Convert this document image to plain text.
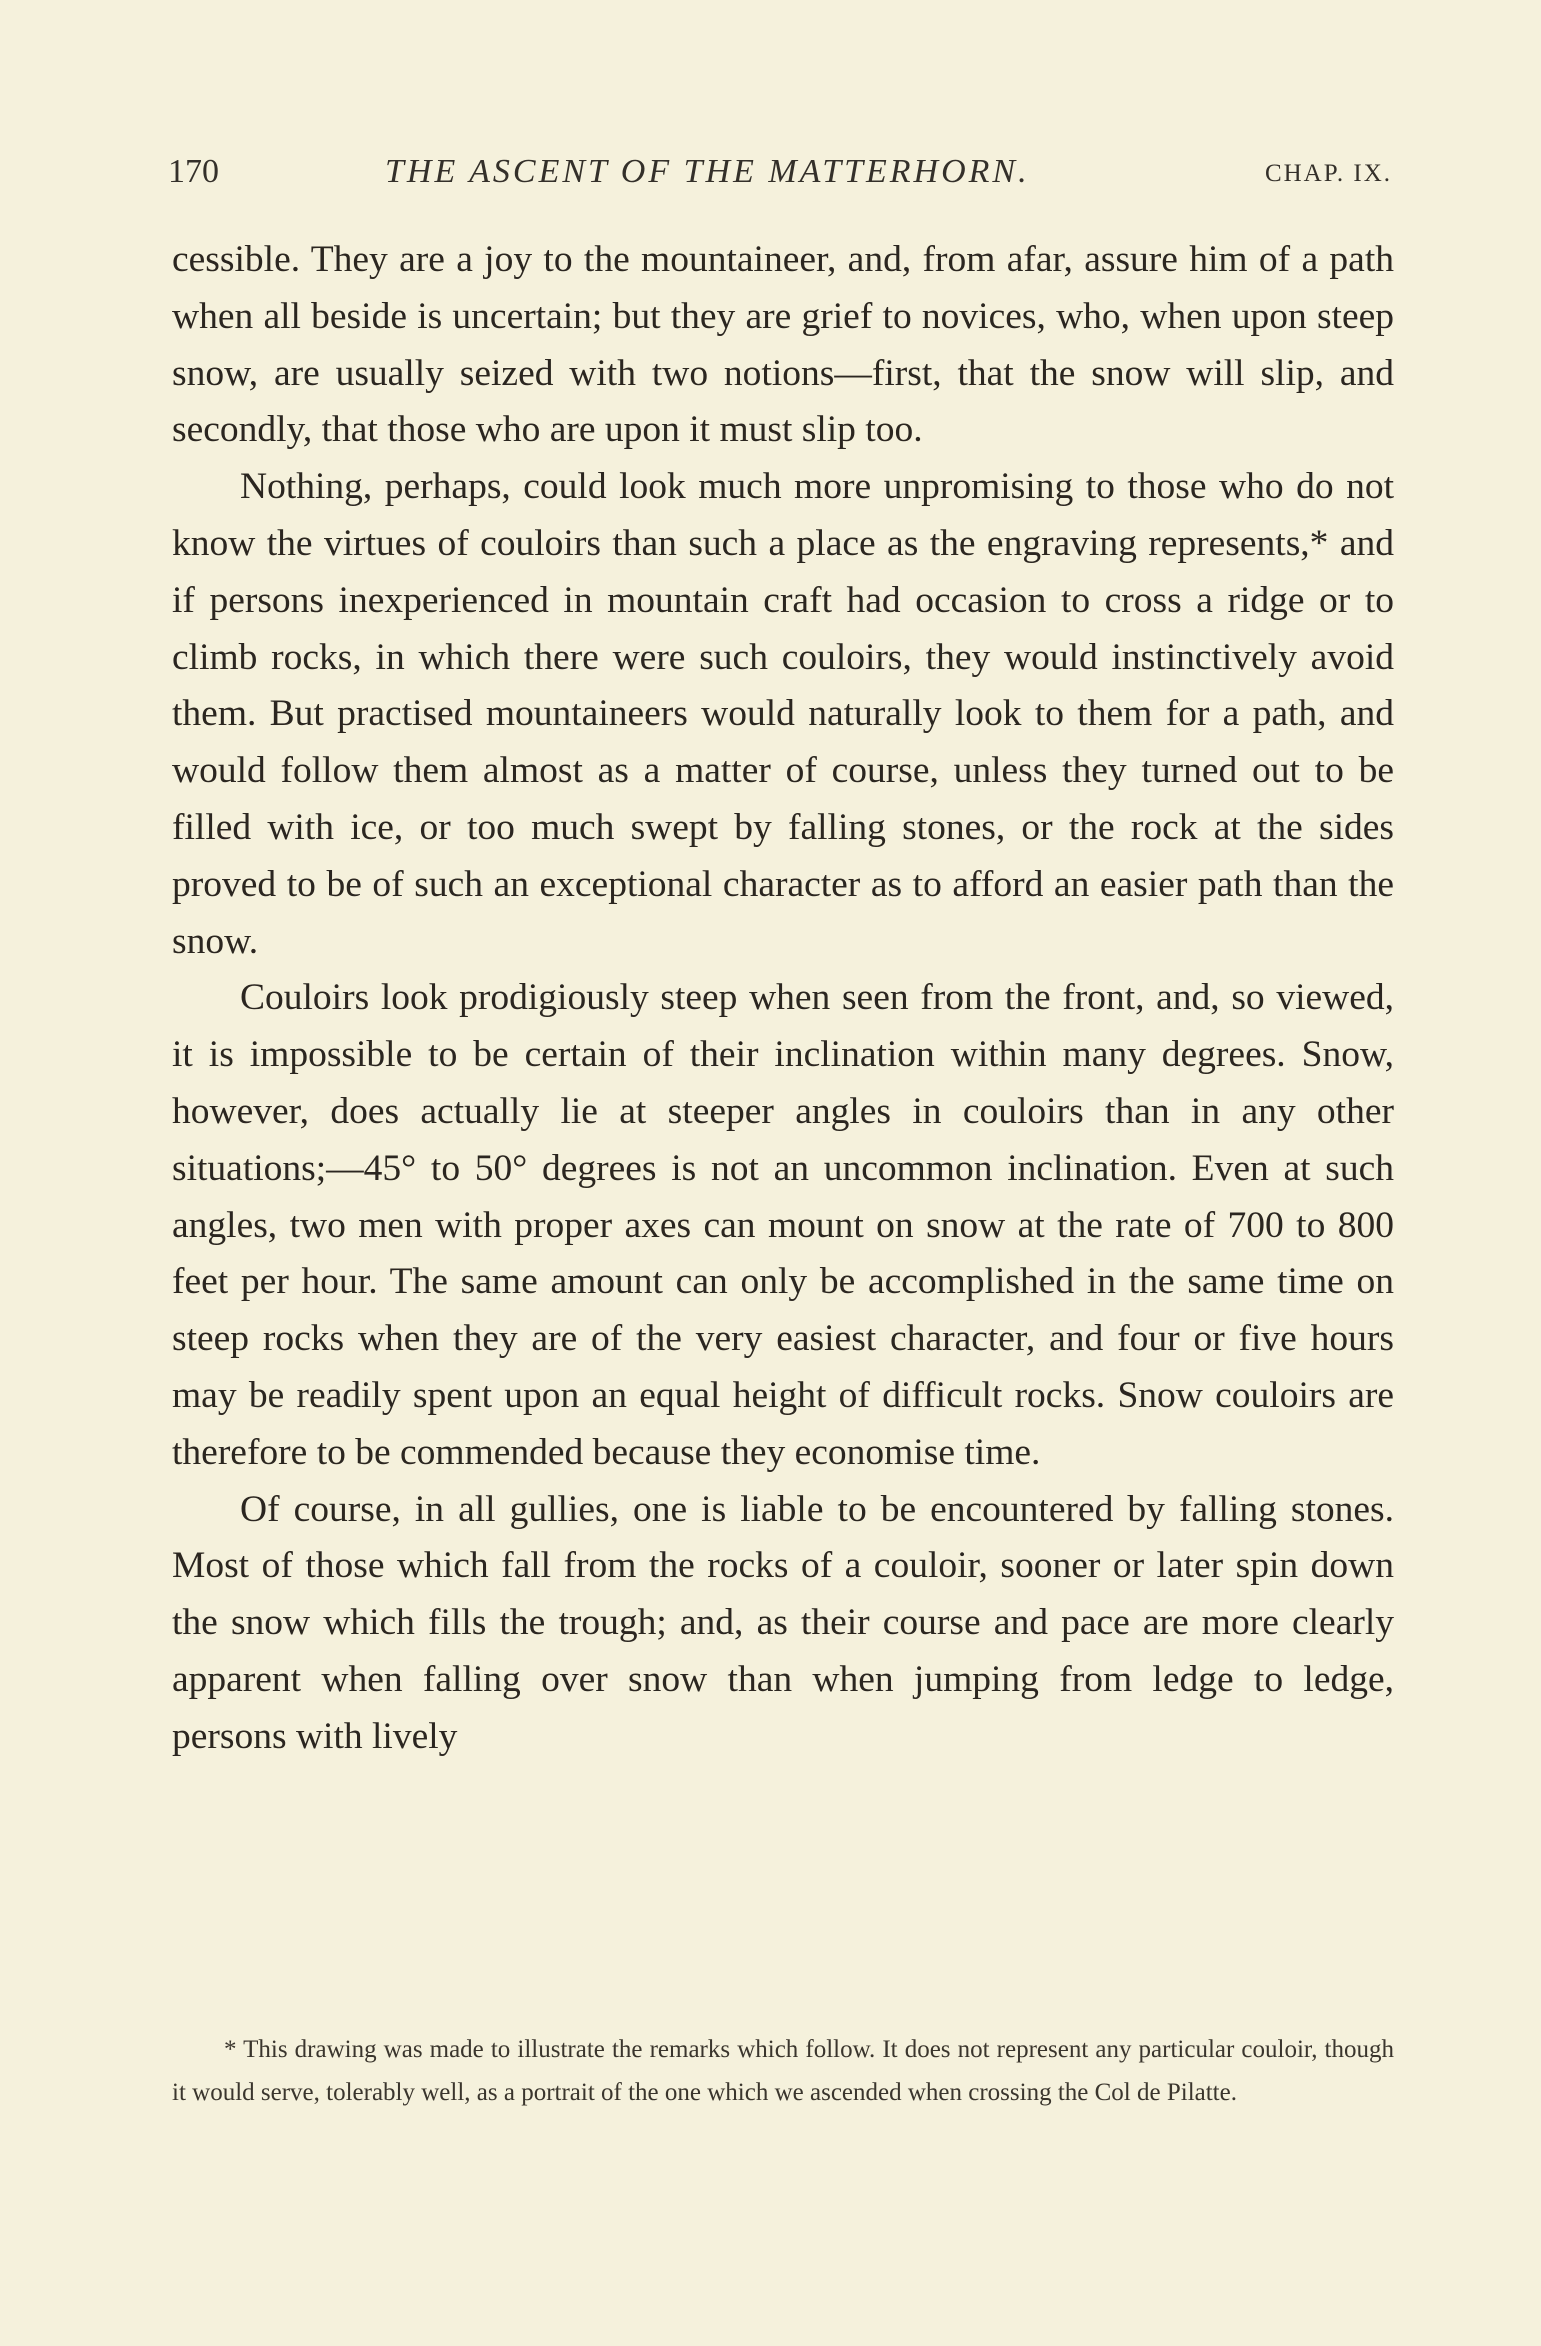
170	THE ASCENT OF THE MATTERHORN.	CHAP. IX.

cessible. They are a joy to the mountaineer, and, from afar, assure him of a path when all beside is uncertain; but they are grief to novices, who, when upon steep snow, are usually seized with two notions—first, that the snow will slip, and secondly, that those who are upon it must slip too.

Nothing, perhaps, could look much more unpromising to those who do not know the virtues of couloirs than such a place as the engraving represents,* and if persons inexperienced in mountain craft had occasion to cross a ridge or to climb rocks, in which there were such couloirs, they would instinctively avoid them. But practised mountaineers would naturally look to them for a path, and would follow them almost as a matter of course, unless they turned out to be filled with ice, or too much swept by falling stones, or the rock at the sides proved to be of such an exceptional character as to afford an easier path than the snow.

Couloirs look prodigiously steep when seen from the front, and, so viewed, it is impossible to be certain of their inclination within many degrees. Snow, however, does actually lie at steeper angles in couloirs than in any other situations;—45° to 50° degrees is not an uncommon inclination. Even at such angles, two men with proper axes can mount on snow at the rate of 700 to 800 feet per hour. The same amount can only be accomplished in the same time on steep rocks when they are of the very easiest character, and four or five hours may be readily spent upon an equal height of difficult rocks. Snow couloirs are therefore to be commended because they economise time.

Of course, in all gullies, one is liable to be encountered by falling stones. Most of those which fall from the rocks of a couloir, sooner or later spin down the snow which fills the trough; and, as their course and pace are more clearly apparent when falling over snow than when jumping from ledge to ledge, persons with lively

* This drawing was made to illustrate the remarks which follow. It does not represent any particular couloir, though it would serve, tolerably well, as a portrait of the one which we ascended when crossing the Col de Pilatte.
